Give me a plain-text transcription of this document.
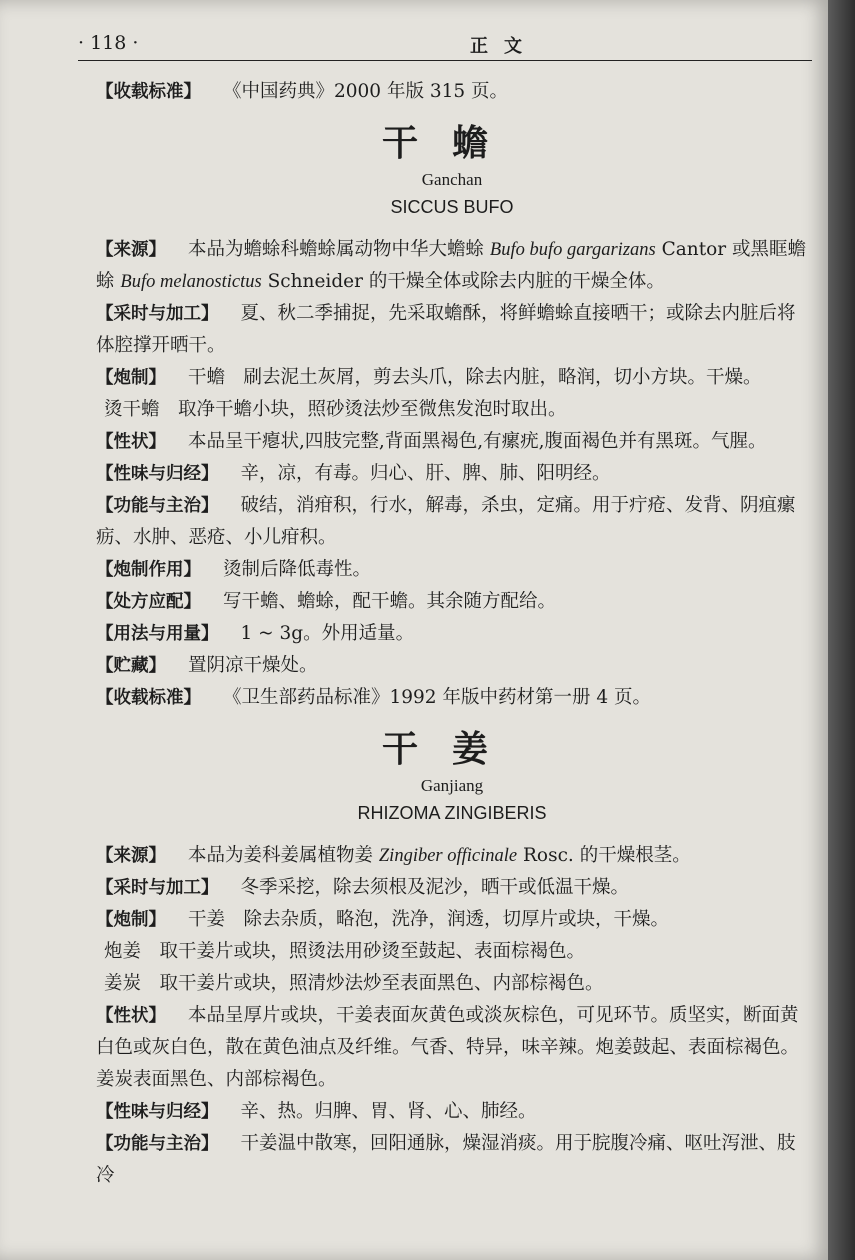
· 118 ·	正文

【收载标准】 《中国药典》2000 年版 315 页。

干蟾
Ganchan
SICCUS BUFO

【来源】 本品为蟾蜍科蟾蜍属动物中华大蟾蜍 Bufo bufo gargarizans Cantor 或黑眶蟾蜍 Bufo melanostictus Schneider 的干燥全体或除去内脏的干燥全体。

【采时与加工】 夏、秋二季捕捉，先采取蟾酥，将鲜蟾蜍直接晒干；或除去内脏后将体腔撑开晒干。

【炮制】 干蟾　刷去泥土灰屑，剪去头爪，除去内脏，略润，切小方块。干燥。

烫干蟾　取净干蟾小块，照砂烫法炒至微焦发泡时取出。

【性状】 本品呈干瘪状,四肢完整,背面黑褐色,有瘰疣,腹面褐色并有黑斑。气腥。

【性味与归经】 辛，凉，有毒。归心、肝、脾、肺、阳明经。

【功能与主治】 破结，消疳积，行水，解毒，杀虫，定痛。用于疔疮、发背、阴疽瘰疬、水肿、恶疮、小儿疳积。

【炮制作用】 烫制后降低毒性。

【处方应配】 写干蟾、蟾蜍，配干蟾。其余随方配给。

【用法与用量】 1 ~ 3g。外用适量。

【贮藏】 置阴凉干燥处。

【收载标准】 《卫生部药品标准》1992 年版中药材第一册 4 页。

干姜
Ganjiang
RHIZOMA ZINGIBERIS

【来源】 本品为姜科姜属植物姜 Zingiber officinale Rosc. 的干燥根茎。

【采时与加工】 冬季采挖，除去须根及泥沙，晒干或低温干燥。

【炮制】 干姜　除去杂质，略泡，洗净，润透，切厚片或块，干燥。

炮姜　取干姜片或块，照烫法用砂烫至鼓起、表面棕褐色。

姜炭　取干姜片或块，照清炒法炒至表面黑色、内部棕褐色。

【性状】 本品呈厚片或块，干姜表面灰黄色或淡灰棕色，可见环节。质坚实，断面黄白色或灰白色，散在黄色油点及纤维。气香、特异，味辛辣。炮姜鼓起、表面棕褐色。姜炭表面黑色、内部棕褐色。

【性味与归经】 辛、热。归脾、胃、肾、心、肺经。

【功能与主治】 干姜温中散寒，回阳通脉，燥湿消痰。用于脘腹冷痛、呕吐泻泄、肢冷
